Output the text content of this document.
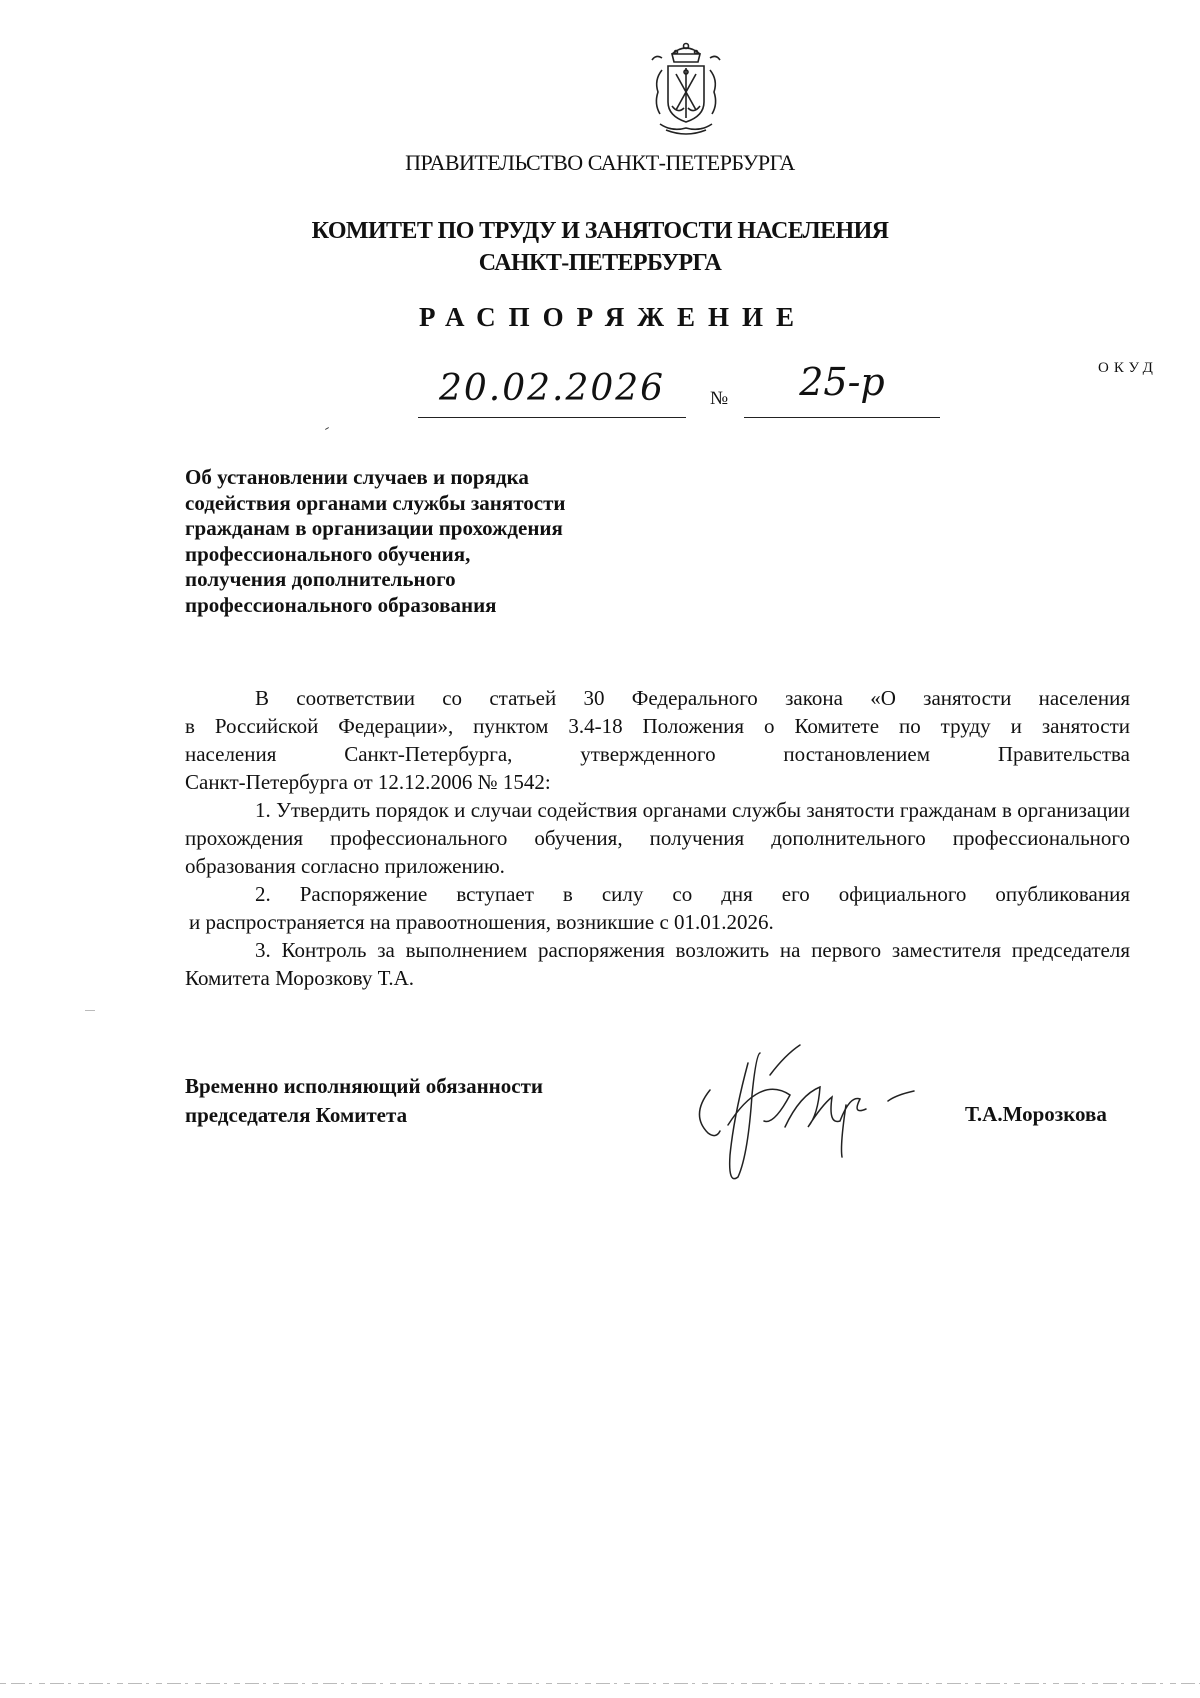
ПРАВИТЕЛЬСТВО САНКТ-ПЕТЕРБУРГА
КОМИТЕТ ПО ТРУДУ И ЗАНЯТОСТИ НАСЕЛЕНИЯ
САНКТ-ПЕТЕРБУРГА
РАСПОРЯЖЕНИЕ
ОКУД
20.02.2026	№	25-р
Об установлении случаев и порядка
содействия органами службы занятости
гражданам в организации прохождения
профессионального обучения,
получения дополнительного
профессионального образования

В соответствии со статьей 30 Федерального закона «О занятости населения

в Российской Федерации», пунктом 3.4-18 Положения о Комитете по труду и занятости

населения Санкт-Петербурга, утвержденного постановлением Правительства

Санкт-Петербурга от 12.12.2006 № 1542:

1. Утвердить порядок и случаи содействия органами службы занятости гражданам в организации прохождения профессионального обучения, получения дополнительного профессионального образования согласно приложению.

2. Распоряжение вступает в силу со дня его официального опубликования

и распространяется на правоотношения, возникшие с 01.01.2026.

3. Контроль за выполнением распоряжения возложить на первого заместителя председателя Комитета Морозкову Т.А.

Временно исполняющий обязанности
председателя Комитета	Т.А.Морозкова
